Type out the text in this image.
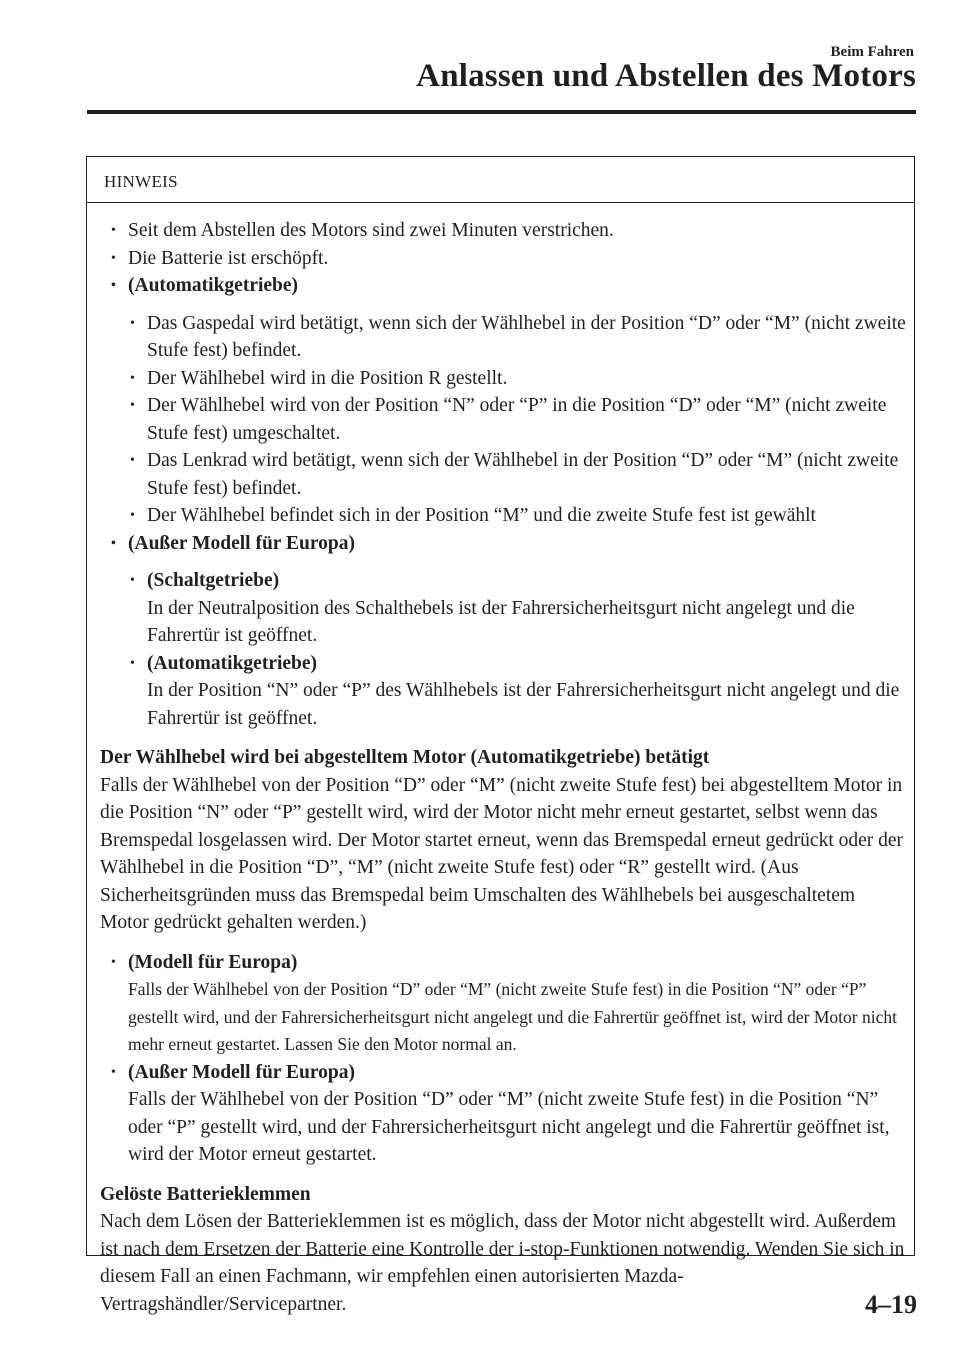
Beim Fahren
Anlassen und Abstellen des Motors
HINWEIS
• Seit dem Abstellen des Motors sind zwei Minuten verstrichen.
• Die Batterie ist erschöpft.
• (Automatikgetriebe)
• Das Gaspedal wird betätigt, wenn sich der Wählhebel in der Position “D” oder “M” (nicht zweite Stufe fest) befindet.
• Der Wählhebel wird in die Position R gestellt.
• Der Wählhebel wird von der Position “N” oder “P” in die Position “D” oder “M” (nicht zweite Stufe fest) umgeschaltet.
• Das Lenkrad wird betätigt, wenn sich der Wählhebel in der Position “D” oder “M” (nicht zweite Stufe fest) befindet.
• Der Wählhebel befindet sich in der Position “M” und die zweite Stufe fest ist gewählt
• (Außer Modell für Europa)
• (Schaltgetriebe)
In der Neutralposition des Schalthebels ist der Fahrersicherheitsgurt nicht angelegt und die Fahrertür ist geöffnet.
• (Automatikgetriebe)
In der Position “N” oder “P” des Wählhebels ist der Fahrersicherheitsgurt nicht angelegt und die Fahrertür ist geöffnet.
Der Wählhebel wird bei abgestelltem Motor (Automatikgetriebe) betätigt
Falls der Wählhebel von der Position “D” oder “M” (nicht zweite Stufe fest) bei abgestelltem Motor in die Position “N” oder “P” gestellt wird, wird der Motor nicht mehr erneut gestartet, selbst wenn das Bremspedal losgelassen wird. Der Motor startet erneut, wenn das Bremspedal erneut gedrückt oder der Wählhebel in die Position “D”, “M” (nicht zweite Stufe fest) oder “R” gestellt wird. (Aus Sicherheitsgründen muss das Bremspedal beim Umschalten des Wählhebels bei ausgeschaltetem Motor gedrückt gehalten werden.)
• (Modell für Europa)
Falls der Wählhebel von der Position “D” oder “M” (nicht zweite Stufe fest) in die Position “N” oder “P” gestellt wird, und der Fahrersicherheitsgurt nicht angelegt und die Fahrertür geöffnet ist, wird der Motor nicht mehr erneut gestartet. Lassen Sie den Motor normal an.
• (Außer Modell für Europa)
Falls der Wählhebel von der Position “D” oder “M” (nicht zweite Stufe fest) in die Position “N” oder “P” gestellt wird, und der Fahrersicherheitsgurt nicht angelegt und die Fahrertür geöffnet ist, wird der Motor erneut gestartet.
Gelöste Batterieklemmen
Nach dem Lösen der Batterieklemmen ist es möglich, dass der Motor nicht abgestellt wird. Außerdem ist nach dem Ersetzen der Batterie eine Kontrolle der i-stop-Funktionen notwendig. Wenden Sie sich in diesem Fall an einen Fachmann, wir empfehlen einen autorisierten Mazda-Vertragshändler/Servicepartner.	4–19
